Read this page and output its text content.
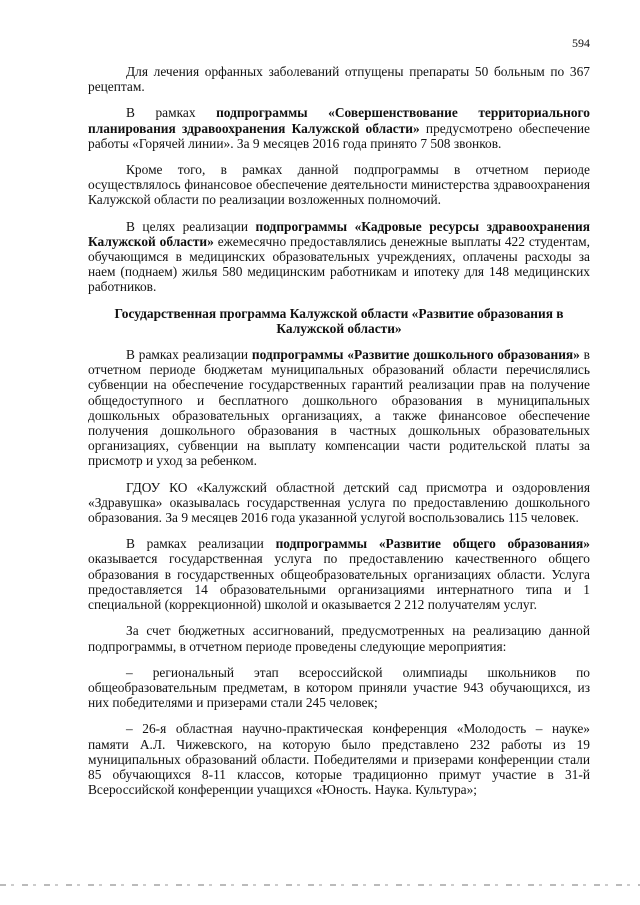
594

Для лечения орфанных заболеваний отпущены препараты 50 больным по 367 рецептам.

В рамках подпрограммы «Совершенствование территориального планирования здравоохранения Калужской области» предусмотрено обеспечение работы «Горячей линии». За 9 месяцев 2016 года принято 7 508 звонков.

Кроме того, в рамках данной подпрограммы в отчетном периоде осуществлялось финансовое обеспечение деятельности министерства здравоохранения Калужской области по реализации возложенных полномочий.

В целях реализации подпрограммы «Кадровые ресурсы здравоохранения Калужской области» ежемесячно предоставлялись денежные выплаты 422 студентам, обучающимся в медицинских образовательных учреждениях, оплачены расходы за наем (поднаем) жилья 580 медицинским работникам и ипотеку для 148 медицинских работников.

Государственная программа Калужской области «Развитие образования в Калужской области»

В рамках реализации подпрограммы «Развитие дошкольного образования» в отчетном периоде бюджетам муниципальных образований области перечислялись субвенции на обеспечение государственных гарантий реализации прав на получение общедоступного и бесплатного дошкольного образования в муниципальных дошкольных образовательных организациях, а также финансовое обеспечение получения дошкольного образования в частных дошкольных образовательных организациях, субвенции на выплату компенсации части родительской платы за присмотр и уход за ребенком.

ГДОУ КО «Калужский областной детский сад присмотра и оздоровления «Здравушка» оказывалась государственная услуга по предоставлению дошкольного образования. За 9 месяцев 2016 года указанной услугой воспользовались 115 человек.

В рамках реализации подпрограммы «Развитие общего образования» оказывается государственная услуга по предоставлению качественного общего образования в государственных общеобразовательных организациях области. Услуга предоставляется 14 образовательными организациями интернатного типа и 1 специальной (коррекционной) школой и оказывается 2 212 получателям услуг.

За счет бюджетных ассигнований, предусмотренных на реализацию данной подпрограммы, в отчетном периоде проведены следующие мероприятия:

– региональный этап всероссийской олимпиады школьников по общеобразовательным предметам, в котором приняли участие 943 обучающихся, из них победителями и призерами стали 245 человек;

– 26-я областная научно-практическая конференция «Молодость – науке» памяти А.Л. Чижевского, на которую было представлено 232 работы из 19 муниципальных образований области. Победителями и призерами конференции стали 85 обучающихся 8-11 классов, которые традиционно примут участие в 31-й Всероссийской конференции учащихся «Юность. Наука. Культура»;
